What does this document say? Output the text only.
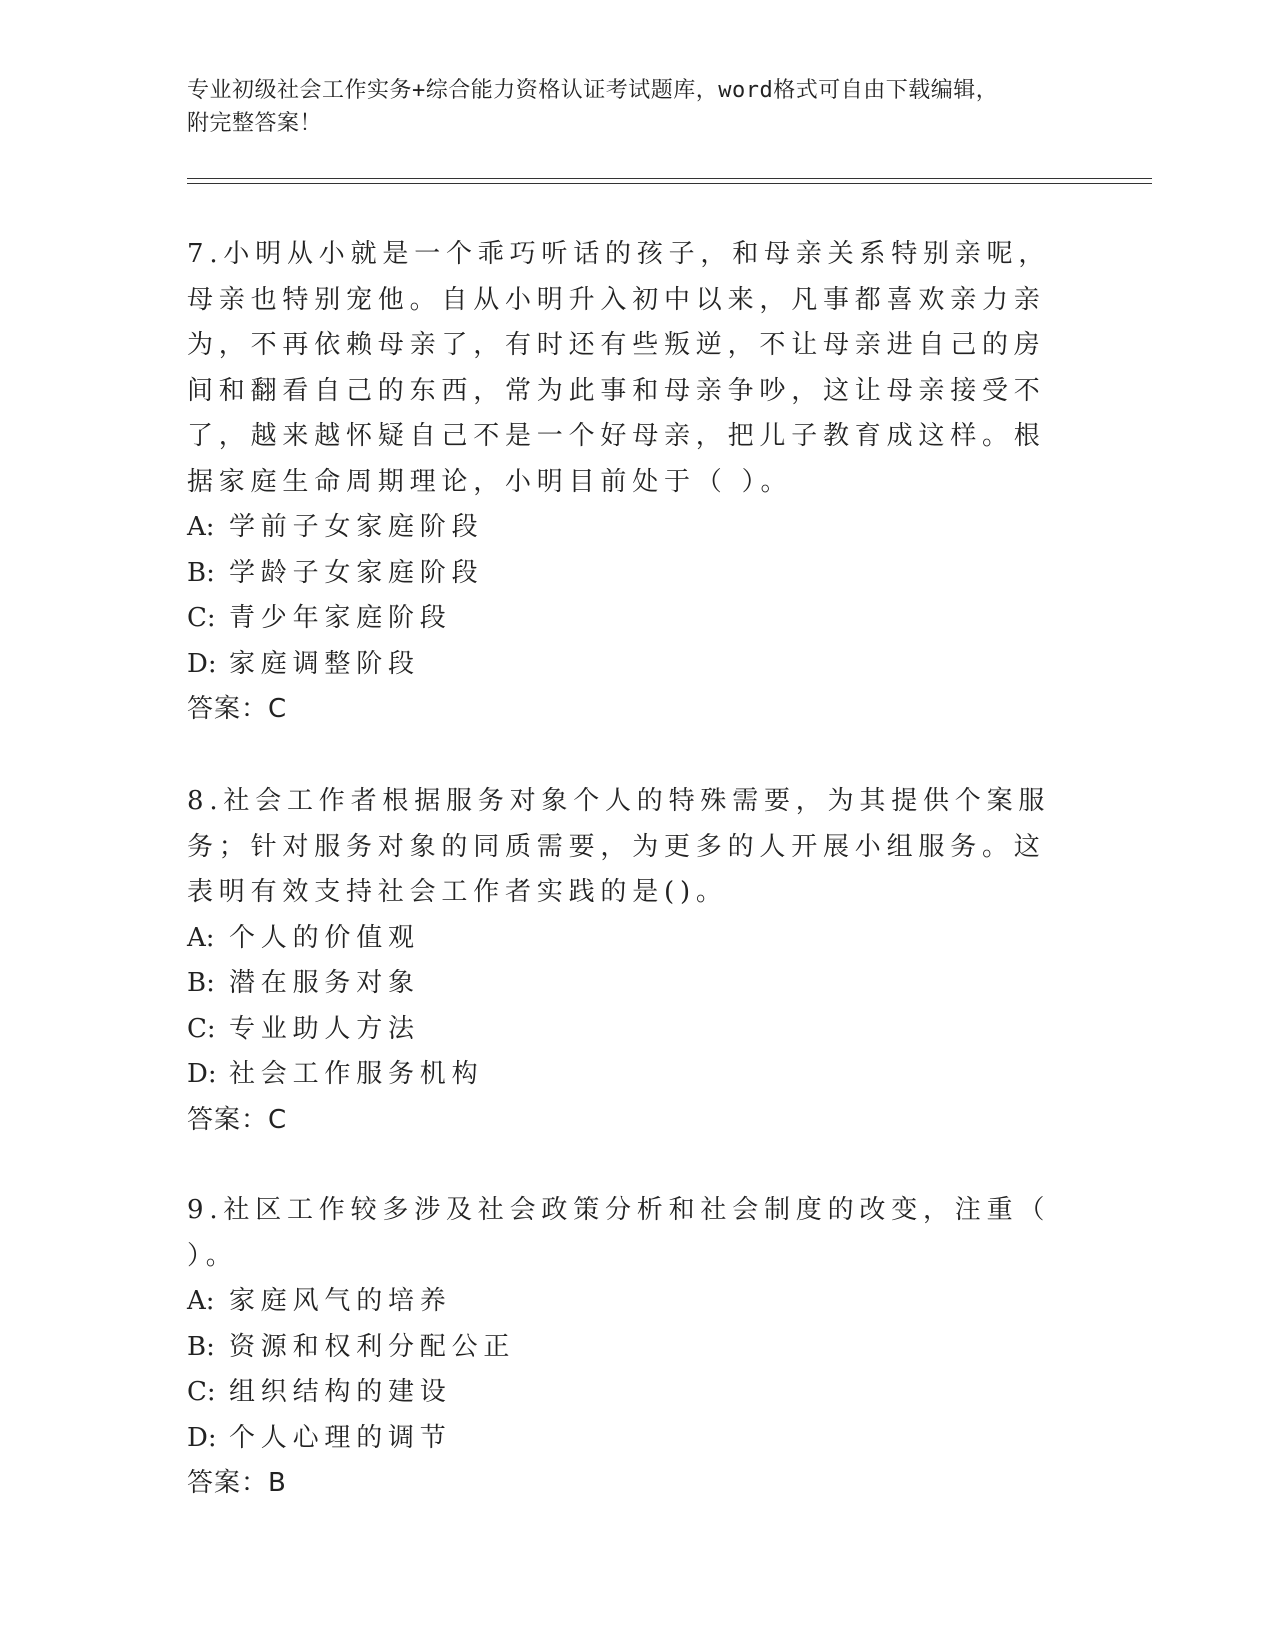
专业初级社会工作实务+综合能力资格认证考试题库，word格式可自由下载编辑，
附完整答案！

7.小明从小就是一个乖巧听话的孩子，和母亲关系特别亲呢，母亲也特别宠他。自从小明升入初中以来，凡事都喜欢亲力亲为，不再依赖母亲了，有时还有些叛逆，不让母亲进自己的房间和翻看自己的东西，常为此事和母亲争吵，这让母亲接受不了，越来越怀疑自己不是一个好母亲，把儿子教育成这样。根据家庭生命周期理论，小明目前处于（ ）。

A: 学前子女家庭阶段

B: 学龄子女家庭阶段

C: 青少年家庭阶段

D: 家庭调整阶段

答案：C

8.社会工作者根据服务对象个人的特殊需要，为其提供个案服务；针对服务对象的同质需要，为更多的人开展小组服务。这表明有效支持社会工作者实践的是()。

A: 个人的价值观

B: 潜在服务对象

C: 专业助人方法

D: 社会工作服务机构

答案：C

9.社区工作较多涉及社会政策分析和社会制度的改变，注重（ ）。

A: 家庭风气的培养

B: 资源和权利分配公正

C: 组织结构的建设

D: 个人心理的调节

答案：B
